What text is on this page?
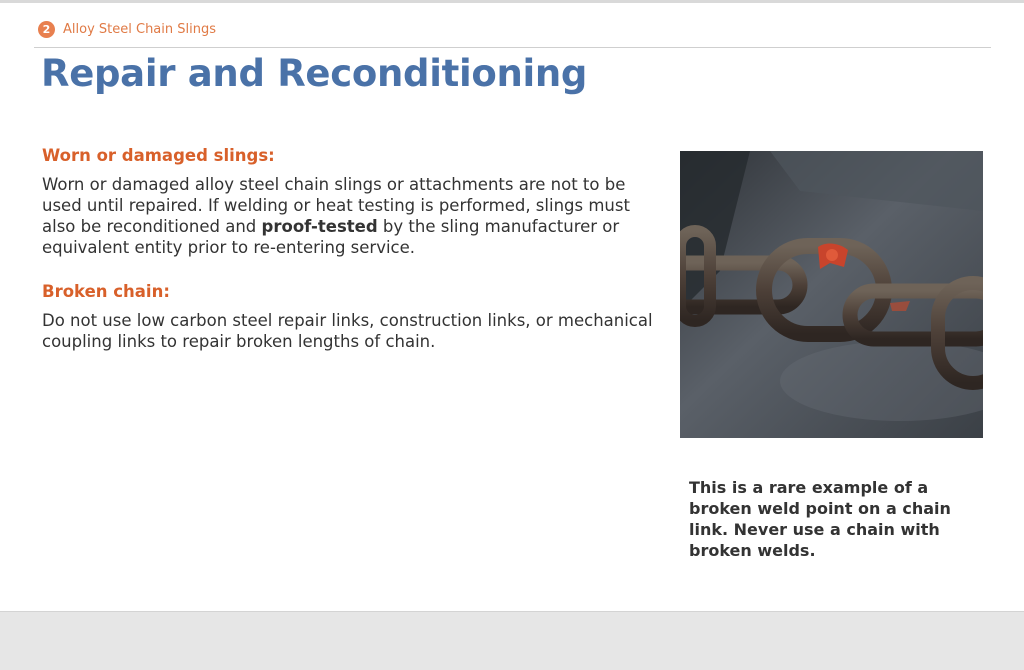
2 Alloy Steel Chain Slings
Repair and Reconditioning
Worn or damaged slings:

Worn or damaged alloy steel chain slings or attachments are not to be used until repaired. If welding or heat testing is performed, slings must also be reconditioned and proof-tested by the sling manufacturer or equivalent entity prior to re-entering service.

Broken chain:

Do not use low carbon steel repair links, construction links, or mechanical coupling links to repair broken lengths of chain.

This is a rare example of a broken weld point on a chain link. Never use a chain with broken welds.
